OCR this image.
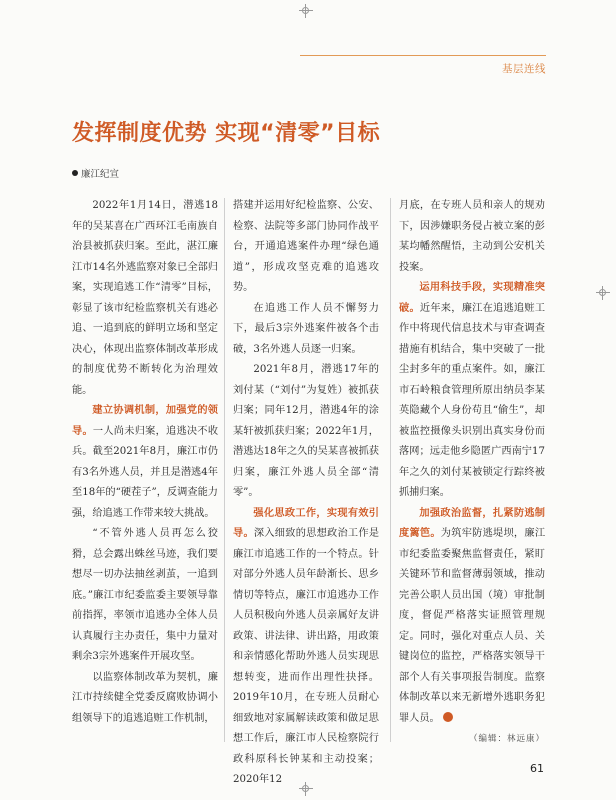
基层连线
发挥制度优势 实现“清零”目标
廉江纪宣

2022年1月14日，潜逃18年的吴某喜在广西环江毛南族自治县被抓获归案。至此，湛江廉江市14名外逃监察对象已全部归案，实现追逃工作“清零”目标，彰显了该市纪检监察机关有逃必追、一追到底的鲜明立场和坚定决心，体现出监察体制改革形成的制度优势不断转化为治理效能。

建立协调机制，加强党的领导。一人尚未归案，追逃决不收兵。截至2021年8月，廉江市仍有3名外逃人员，并且是潜逃4年至18年的“硬茬子”，反调查能力强，给追逃工作带来较大挑战。

“不管外逃人员再怎么狡猾，总会露出蛛丝马迹，我们要想尽一切办法抽丝剥茧，一追到底。”廉江市纪委监委主要领导靠前指挥，率领市追逃办全体人员认真履行主办责任，集中力量对剩余3宗外逃案件开展攻坚。

以监察体制改革为契机，廉江市持续健全党委反腐败协调小组领导下的追逃追赃工作机制，

搭建并运用好纪检监察、公安、检察、法院等多部门协同作战平台，开通追逃案件办理“绿色通道”，形成攻坚克难的追逃攻势。

在追逃工作人员不懈努力下，最后3宗外逃案件被各个击破，3名外逃人员逐一归案。

2021年8月，潜逃17年的刘付某（“刘付”为复姓）被抓获归案；同年12月，潜逃4年的涂某轩被抓获归案；2022年1月，潜逃达18年之久的吴某喜被抓获归案，廉江外逃人员全部“清零”。

强化思政工作，实现有效引导。深入细致的思想政治工作是廉江市追逃工作的一个特点。针对部分外逃人员年龄渐长、思乡情切等特点，廉江市追逃办工作人员积极向外逃人员亲属好友讲政策、讲法律、讲出路，用政策和亲情感化帮助外逃人员实现思想转变，进而作出理性抉择。2019年10月，在专班人员耐心细致地对家属解读政策和做足思想工作后，廉江市人民检察院行政科原科长钟某和主动投案；2020年12

月底，在专班人员和亲人的规劝下，因涉嫌职务侵占被立案的彭某均幡然醒悟，主动到公安机关投案。

运用科技手段，实现精准突破。近年来，廉江在追逃追赃工作中将现代信息技术与审查调查措施有机结合，集中突破了一批尘封多年的重点案件。如，廉江市石岭粮食管理所原出纳员李某英隐藏个人身份苟且“偷生”，却被监控摄像头识别出真实身份而落网；远走他乡隐匿广西南宁17年之久的刘付某被锁定行踪终被抓捕归案。

加强政治监督，扎紧防逃制度篱笆。为筑牢防逃堤坝，廉江市纪委监委聚焦监督责任，紧盯关键环节和监督薄弱领域，推动完善公职人员出国（境）审批制度，督促严格落实证照管理规定。同时，强化对重点人员、关键岗位的监控，严格落实领导干部个人有关事项报告制度。监察体制改革以来无新增外逃职务犯罪人员。
（编辑：林远康）

61
